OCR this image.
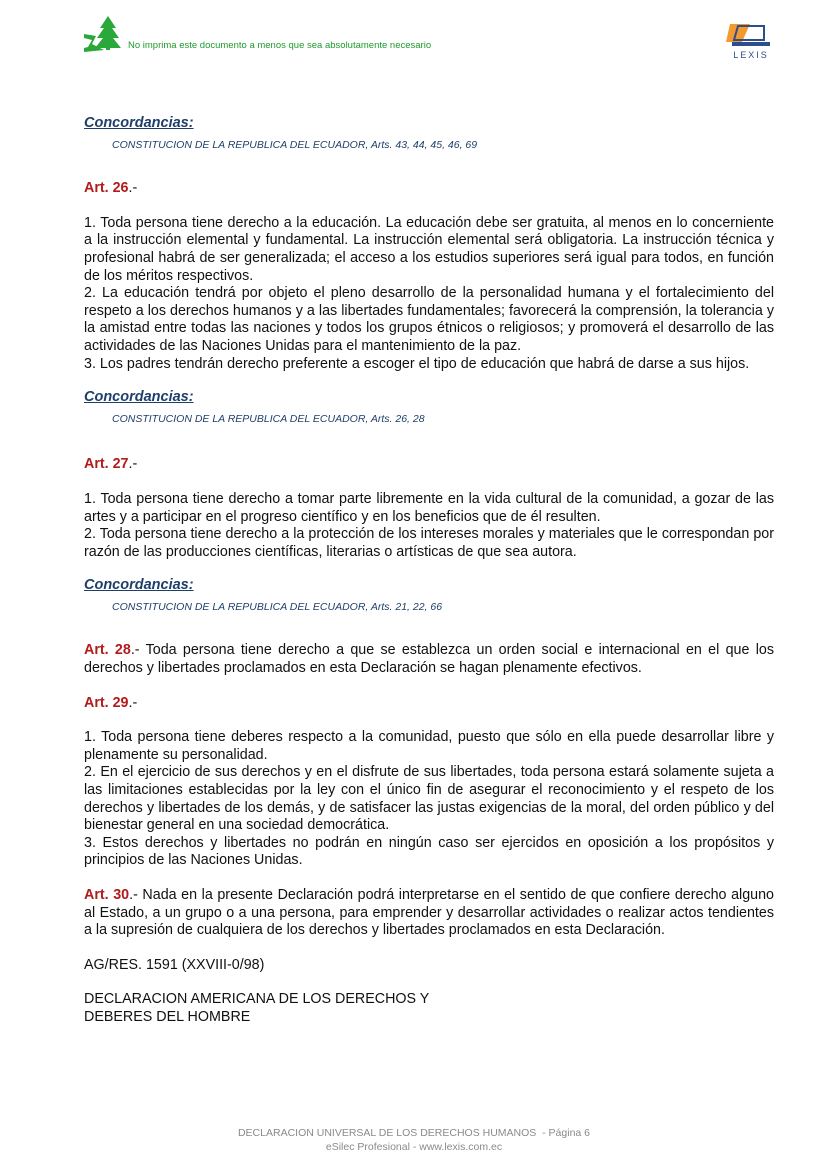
No imprima este documento a menos que sea absolutamente necesario
LEXIS
Concordancias:
CONSTITUCION DE LA REPUBLICA DEL ECUADOR, Arts. 43, 44, 45, 46, 69

Art. 26.-

1. Toda persona tiene derecho a la educación. La educación debe ser gratuita, al menos en lo concerniente a la instrucción elemental y fundamental. La instrucción elemental será obligatoria. La instrucción técnica y profesional habrá de ser generalizada; el acceso a los estudios superiores será igual para todos, en función de los méritos respectivos.

2. La educación tendrá por objeto el pleno desarrollo de la personalidad humana y el fortalecimiento del respeto a los derechos humanos y a las libertades fundamentales; favorecerá la comprensión, la tolerancia y la amistad entre todas las naciones y todos los grupos étnicos o religiosos; y promoverá el desarrollo de las actividades de las Naciones Unidas para el mantenimiento de la paz.

3. Los padres tendrán derecho preferente a escoger el tipo de educación que habrá de darse a sus hijos.

Concordancias:
CONSTITUCION DE LA REPUBLICA DEL ECUADOR, Arts. 26, 28

Art. 27.-

1. Toda persona tiene derecho a tomar parte libremente en la vida cultural de la comunidad, a gozar de las artes y a participar en el progreso científico y en los beneficios que de él resulten.

2. Toda persona tiene derecho a la protección de los intereses morales y materiales que le correspondan por razón de las producciones científicas, literarias o artísticas de que sea autora.

Concordancias:
CONSTITUCION DE LA REPUBLICA DEL ECUADOR, Arts. 21, 22, 66

Art. 28.- Toda persona tiene derecho a que se establezca un orden social e internacional en el que los derechos y libertades proclamados en esta Declaración se hagan plenamente efectivos.

Art. 29.-

1. Toda persona tiene deberes respecto a la comunidad, puesto que sólo en ella puede desarrollar libre y plenamente su personalidad.

2. En el ejercicio de sus derechos y en el disfrute de sus libertades, toda persona estará solamente sujeta a las limitaciones establecidas por la ley con el único fin de asegurar el reconocimiento y el respeto de los derechos y libertades de los demás, y de satisfacer las justas exigencias de la moral, del orden público y del bienestar general en una sociedad democrática.

3. Estos derechos y libertades no podrán en ningún caso ser ejercidos en oposición a los propósitos y principios de las Naciones Unidas.

Art. 30.- Nada en la presente Declaración podrá interpretarse en el sentido de que confiere derecho alguno al Estado, a un grupo o a una persona, para emprender y desarrollar actividades o realizar actos tendientes a la supresión de cualquiera de los derechos y libertades proclamados en esta Declaración.

AG/RES. 1591 (XXVIII-0/98)

DECLARACION AMERICANA DE LOS DERECHOS Y

DEBERES DEL HOMBRE

DECLARACION UNIVERSAL DE LOS DERECHOS HUMANOS  - Página 6
eSilec Profesional - www.lexis.com.ec
